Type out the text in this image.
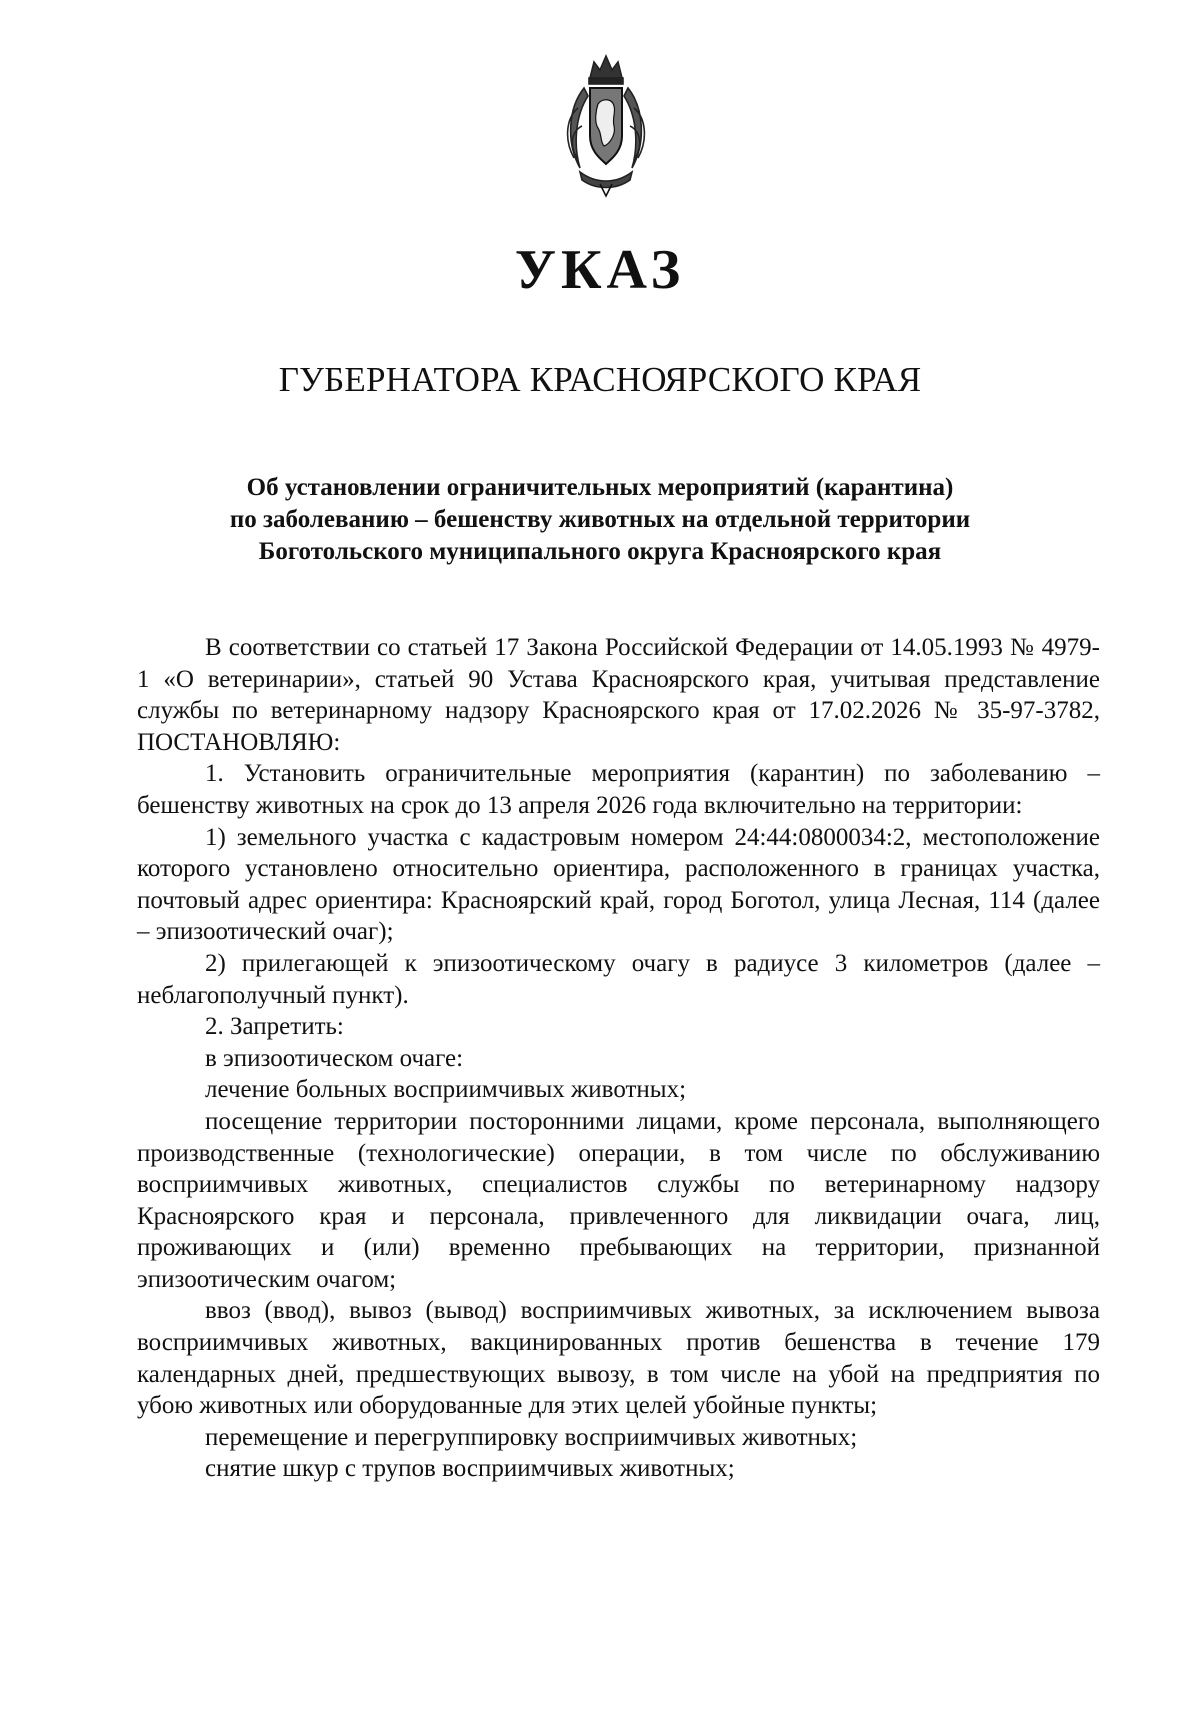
УКАЗ
ГУБЕРНАТОРА КРАСНОЯРСКОГО КРАЯ
Об установлении ограничительных мероприятий (карантина)
по заболеванию – бешенству животных на отдельной территории
Боготольского муниципального округа Красноярского края

В соответствии со статьей 17 Закона Российской Федерации от 14.05.1993 № 4979-1 «О ветеринарии», статьей 90 Устава Красноярского края, учитывая представление службы по ветеринарному надзору Красноярского края от 17.02.2026 № 35-97-3782, ПОСТАНОВЛЯЮ:

1. Установить ограничительные мероприятия (карантин) по заболеванию – бешенству животных на срок до 13 апреля 2026 года включительно на территории:

1) земельного участка с кадастровым номером 24:44:0800034:2, местоположение которого установлено относительно ориентира, расположенного в границах участка, почтовый адрес ориентира: Красноярский край, город Боготол, улица Лесная, 114 (далее – эпизоотический очаг);

2) прилегающей к эпизоотическому очагу в радиусе 3 километров (далее – неблагополучный пункт).

2. Запретить:

в эпизоотическом очаге:

лечение больных восприимчивых животных;

посещение территории посторонними лицами, кроме персонала, выполняющего производственные (технологические) операции, в том числе по обслуживанию восприимчивых животных, специалистов службы по ветеринарному надзору Красноярского края и персонала, привлеченного для ликвидации очага, лиц, проживающих и (или) временно пребывающих на территории, признанной эпизоотическим очагом;

ввоз (ввод), вывоз (вывод) восприимчивых животных, за исключением вывоза восприимчивых животных, вакцинированных против бешенства в течение 179 календарных дней, предшествующих вывозу, в том числе на убой на предприятия по убою животных или оборудованные для этих целей убойные пункты;

перемещение и перегруппировку восприимчивых животных;

снятие шкур с трупов восприимчивых животных;
